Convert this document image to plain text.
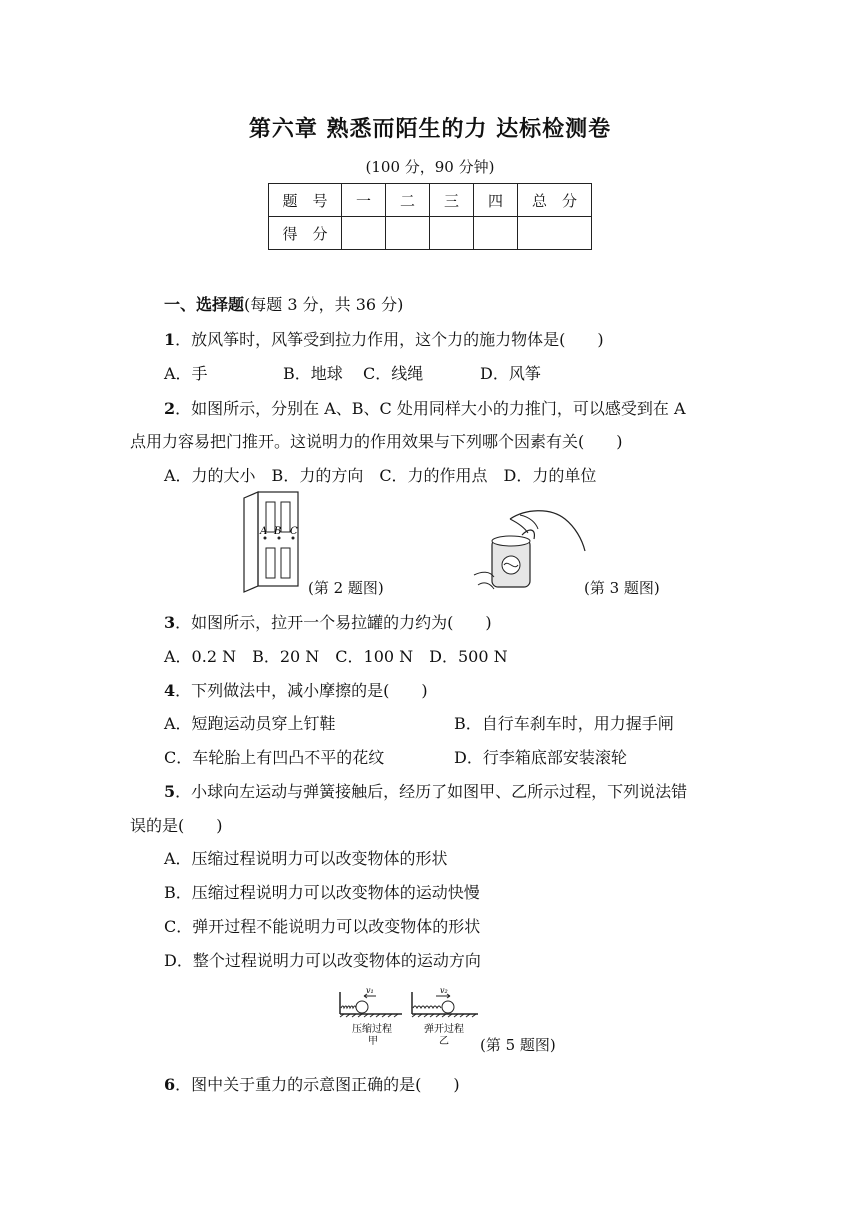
第六章 熟悉而陌生的力 达标检测卷
(100 分，90 分钟)
题　号	一	二	三	四	总　分
得　分					
一、选择题(每题 3 分，共 36 分)
1．放风筝时，风筝受到拉力作用，这个力的施力物体是(　　)
A．手	B．地球 C．线绳	D．风筝
2．如图所示，分别在 A、B、C 处用同样大小的力推门，可以感受到在 A
点用力容易把门推开。这说明力的作用效果与下列哪个因素有关(　　)
A．力的大小　B．力的方向　C．力的作用点　D．力的单位
A B C
(第 2 题图)	(第 3 题图)
3．如图所示，拉开一个易拉罐的力约为(　　)
A．0.2 N　B．20 N　C．100 N　D．500 N
4．下列做法中，减小摩擦的是(　　)
A．短跑运动员穿上钉鞋	B．自行车刹车时，用力握手闸
C．车轮胎上有凹凸不平的花纹	D．行李箱底部安装滚轮
5．小球向左运动与弹簧接触后，经历了如图甲、乙所示过程，下列说法错
误的是(　　)
A．压缩过程说明力可以改变物体的形状
B．压缩过程说明力可以改变物体的运动快慢
C．弹开过程不能说明力可以改变物体的形状
D．整个过程说明力可以改变物体的运动方向
v₁
压缩过程
甲
v₂
弹开过程
乙 (第 5 题图)
6．图中关于重力的示意图正确的是(　　)
